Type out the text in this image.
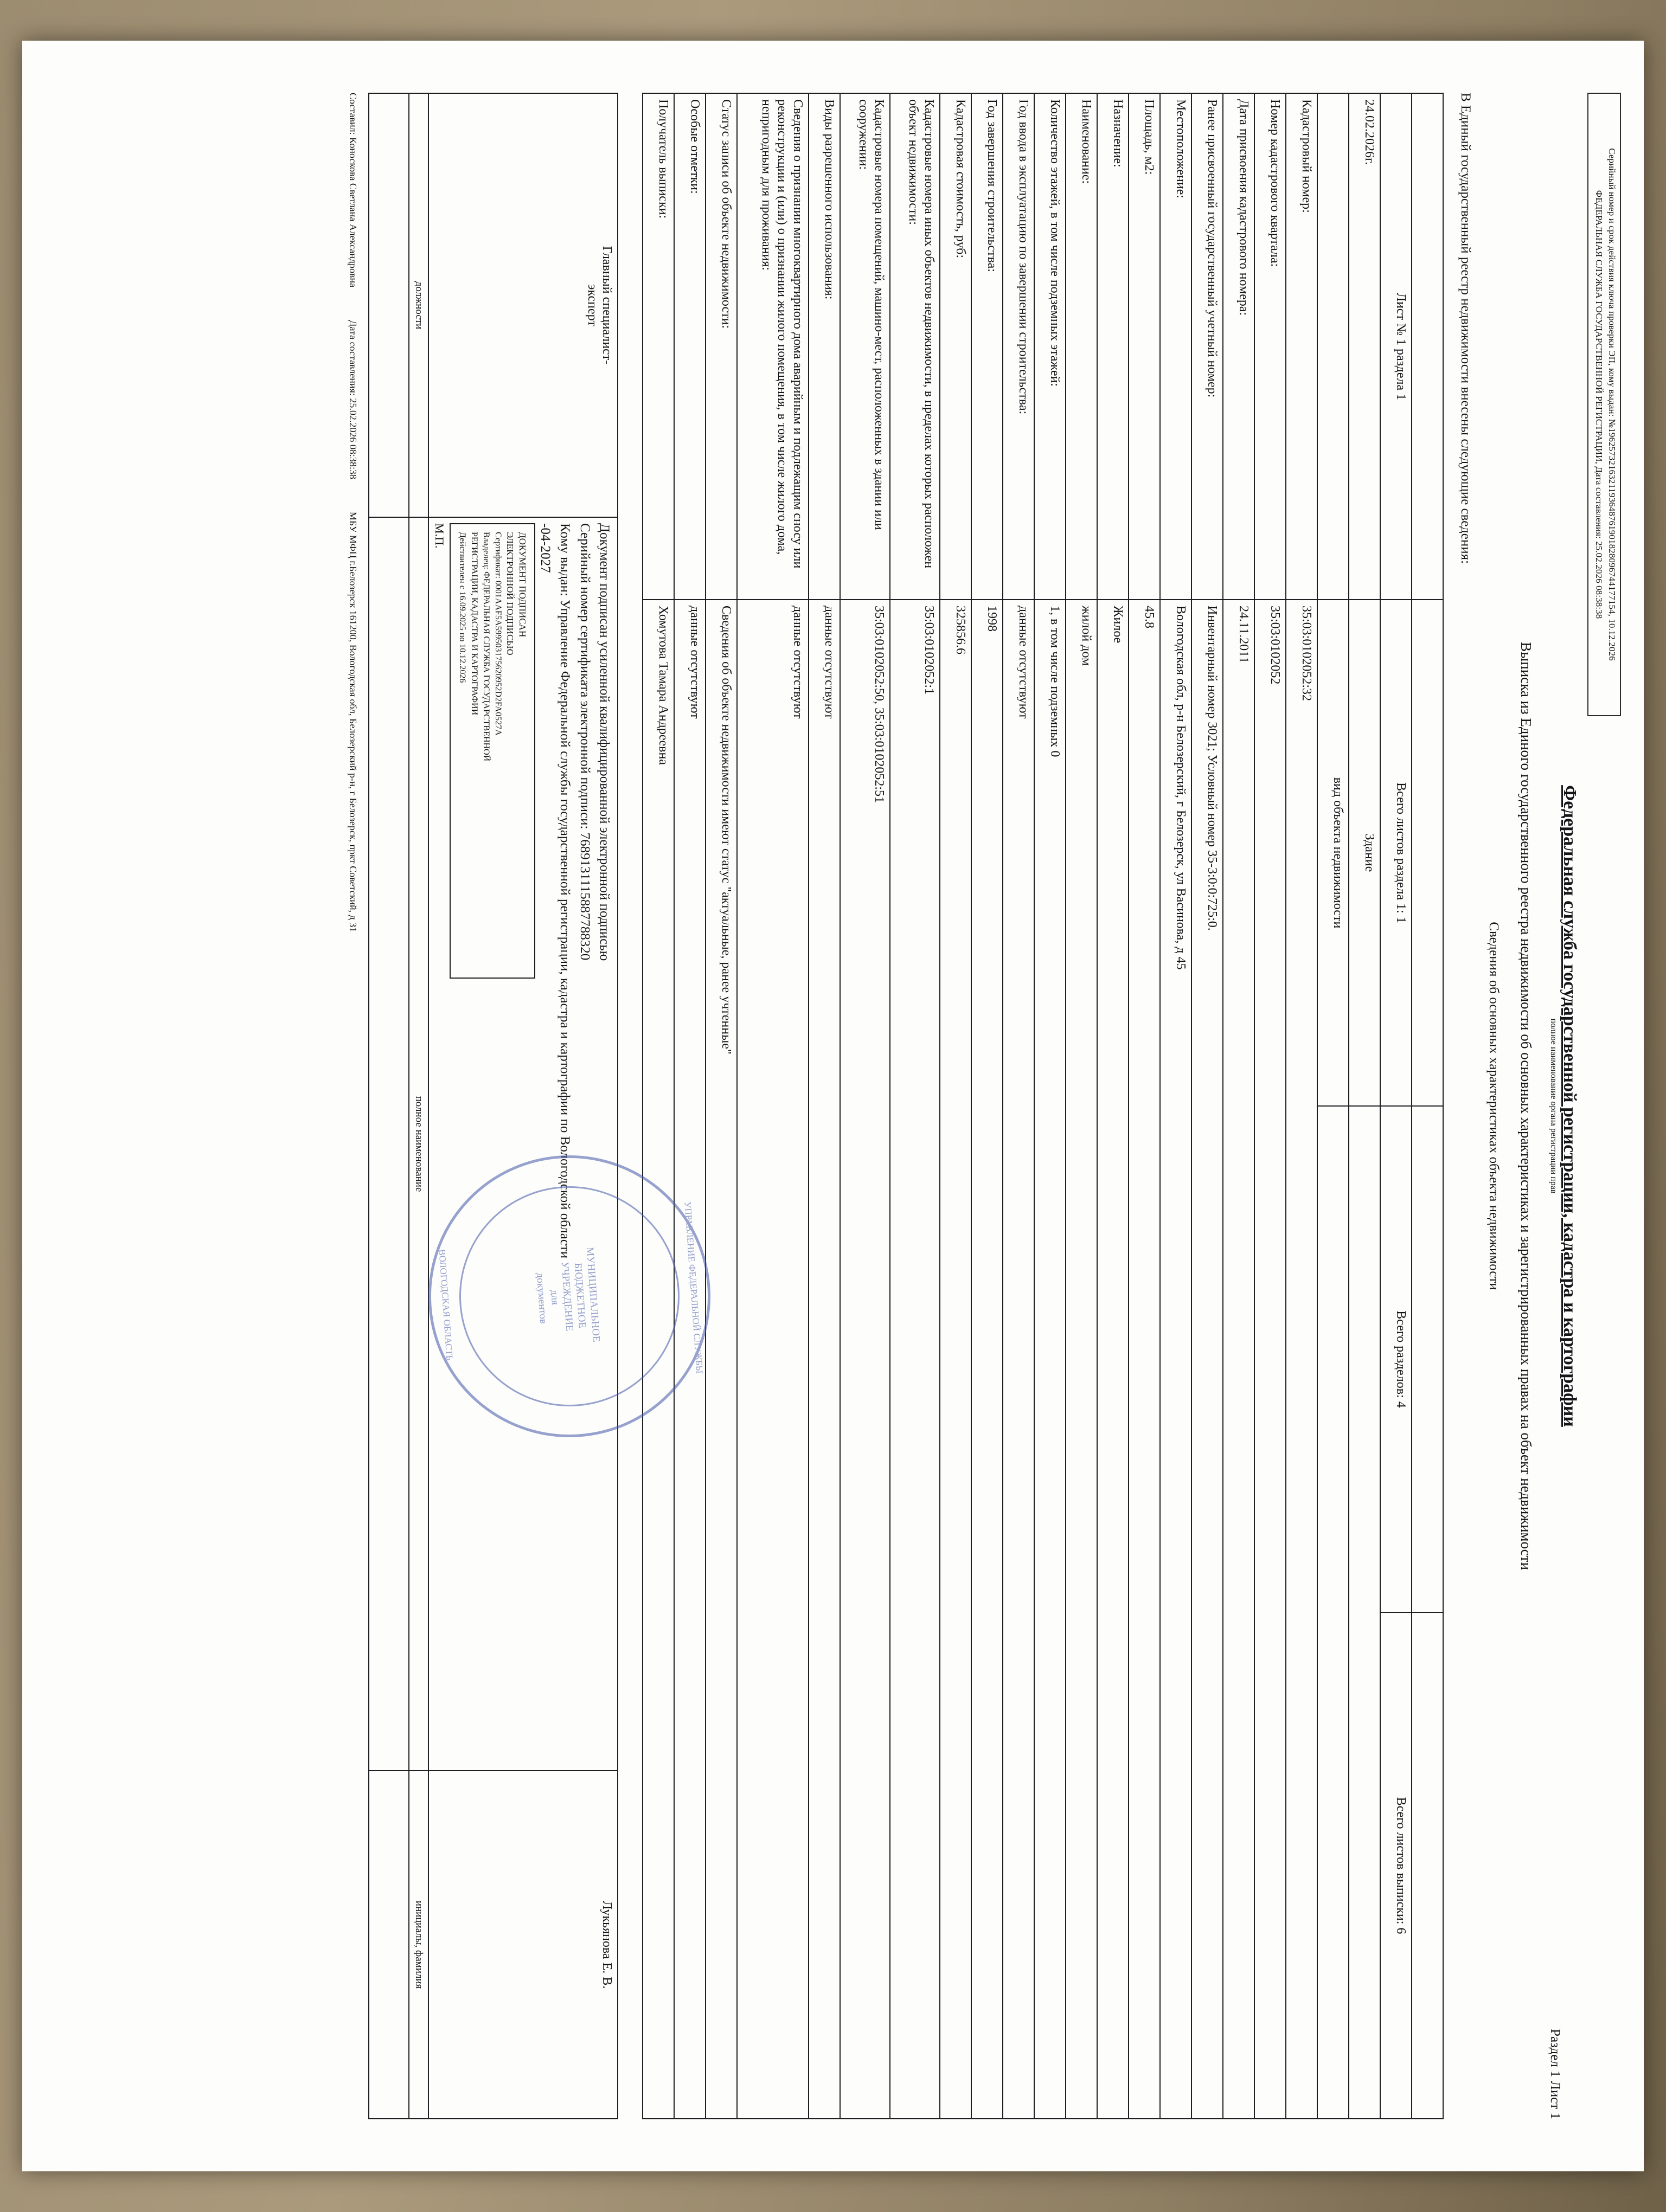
Серийный номер и срок действия ключа проверки ЭП, кому выдан: №1962573216321193648761901828096744177154, 10.12.2026
ФЕДЕРАЛЬНАЯ СЛУЖБА ГОСУДАРСТВЕННОЙ РЕГИСТРАЦИИ, Дата составления: 25.02.2026 08:38:38
Федеральная служба государственной регистрации, кадастра и картографии
полное наименование органа регистрации прав
Выписка из Единого государственного реестра недвижимости об основных характеристиках и зарегистрированных правах на объект недвижимости
Сведения об основных характеристиках объекта недвижимости
В Единый государственный реестр недвижимости внесены следующие сведения:
Раздел 1 Лист 1

Лист № 1 раздела 1	Всего листов раздела 1: 1	Всего разделов: 4	Всего листов выписки: 6
24.02.2026г.	Здание		
	вид объекта недвижимости		
Кадастровый номер:	35:03:0102052:32		
Номер кадастрового квартала:	35:03:0102052		
Дата присвоения кадастрового номера:	24.11.2011		
Ранее присвоенный государственный учетный номер:	Инвентарный номер 3021; Условный номер 35-3:0:0:725:0.		
Местоположение:	Вологодская обл, р-н Белозерский, г Белозерск, ул Васинова, д 45		
Площадь, м2:	45.8		
Назначение:	Жилое		
Наименование:	жилой дом		
Количество этажей, в том числе подземных этажей:	1, в том числе подземных 0		
Год ввода в эксплуатацию по завершении строительства:	данные отсутствуют		
Год завершения строительства:	1998		
Кадастровая стоимость, руб:	325856.6		
Кадастровые номера иных объектов недвижимости, в пределах которых расположен объект недвижимости:	35:03:0102052:1		
Кадастровые номера помещений, машино-мест, расположенных в здании или сооружении:	35:03:0102052:50, 35:03:0102052:51		
Виды разрешенного использования:	данные отсутствуют		
Сведения о признании многоквартирного дома аварийным и подлежащим сносу или реконструкции и (или) о признании жилого помещения, в том числе жилого дома, непригодным для проживания:	данные отсутствуют		
Статус записи об объекте недвижимости:	Сведения об объекте недвижимости имеют статус "актуальные, ранее учтенные"		
Особые отметки:	данные отсутствуют		
Получатель выписки:	Хомутова Тамара Андреевна		
УПРАВЛЕНИЕ ФЕДЕРАЛЬНОЙ СЛУЖБЫ
МУНИЦИПАЛЬНОЕ
БЮДЖЕТНОЕ
УЧРЕЖДЕНИЕ
для
документов
ВОЛОГОДСКАЯ ОБЛАСТЬ
Главный специалист-
эксперт

Документ подписан усиленной квалифицированной электронной подписью
Серийный номер сертификата электронной подписи: 7689131115887788320
Кому выдан: Управление Федеральной службы государственной регистрации, кадастра и картографии по Вологодской области
-04-2027
ДОКУМЕНТ ПОДПИСАН
ЭЛЕКТРОННОЙ ПОДПИСЬЮ
Сертификат: 0001AAF5A599503175620952D2FA0527A
Владелец: ФЕДЕРАЛЬНАЯ СЛУЖБА ГОСУДАРСТВЕННОЙ
РЕГИСТРАЦИИ, КАДАСТРА И КАРТОГРАФИИ
Действителен с 16.09.2025 по 10.12.2026
М.П.
	Лукьянова Е. В.
должности	полное наименование	инициалы, фамилия

Составил: Коноскова Светлана Александровна
Дата составления: 25.02.2026 08:38:38
МБУ МФЦ г.Белозерск 161200, Вологодская обл, Белозерский р-н, г Белозерск, пркт Советский, д 31
